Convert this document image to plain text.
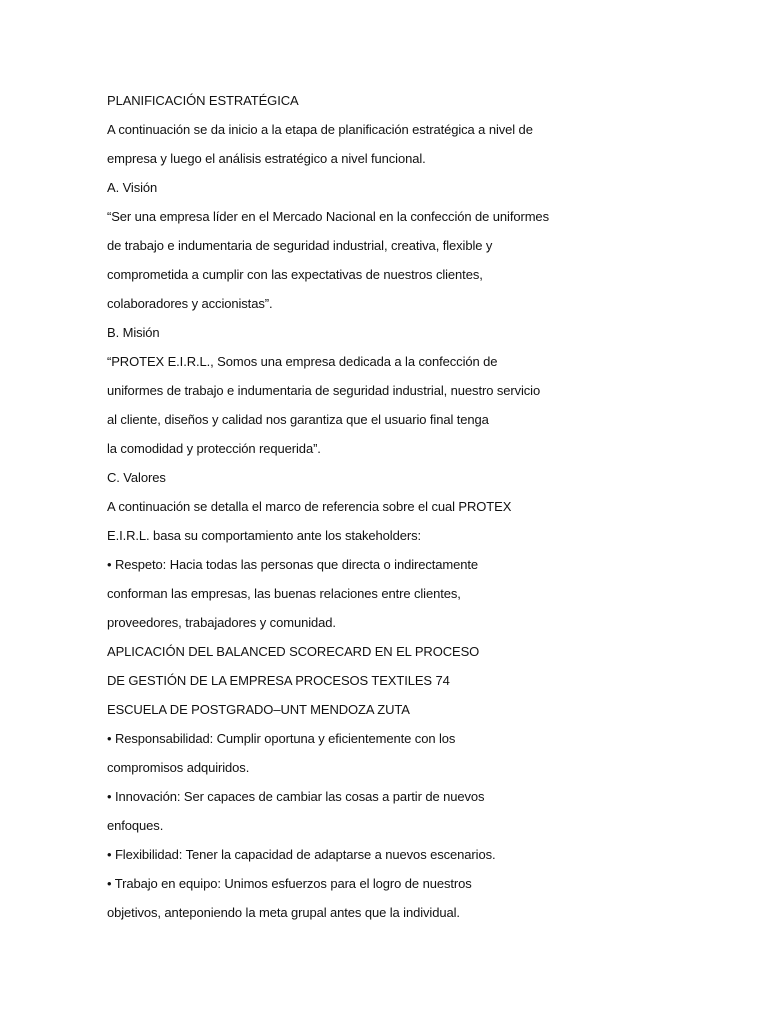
PLANIFICACIÓN ESTRATÉGICA
A continuación se da inicio a la etapa de planificación estratégica a nivel de
empresa y luego el análisis estratégico a nivel funcional.
A. Visión
“Ser una empresa líder en el Mercado Nacional en la confección de uniformes
de trabajo e indumentaria de seguridad industrial, creativa, flexible y
comprometida a cumplir con las expectativas de nuestros clientes,
colaboradores y accionistas”.
B. Misión
“PROTEX E.I.R.L., Somos una empresa dedicada a la confección de
uniformes de trabajo e indumentaria de seguridad industrial, nuestro servicio
al cliente, diseños y calidad nos garantiza que el usuario final tenga
la comodidad y protección requerida”.
C. Valores
A continuación se detalla el marco de referencia sobre el cual PROTEX
E.I.R.L. basa su comportamiento ante los stakeholders:
• Respeto: Hacia todas las personas que directa o indirectamente
conforman las empresas, las buenas relaciones entre clientes,
proveedores, trabajadores y comunidad.
APLICACIÓN DEL BALANCED SCORECARD EN EL PROCESO
DE GESTIÓN DE LA EMPRESA PROCESOS TEXTILES 74
ESCUELA DE POSTGRADO–UNT MENDOZA ZUTA
• Responsabilidad: Cumplir oportuna y eficientemente con los
compromisos adquiridos.
• Innovación: Ser capaces de cambiar las cosas a partir de nuevos
enfoques.
• Flexibilidad: Tener la capacidad de adaptarse a nuevos escenarios.
• Trabajo en equipo: Unimos esfuerzos para el logro de nuestros
objetivos, anteponiendo la meta grupal antes que la individual.
